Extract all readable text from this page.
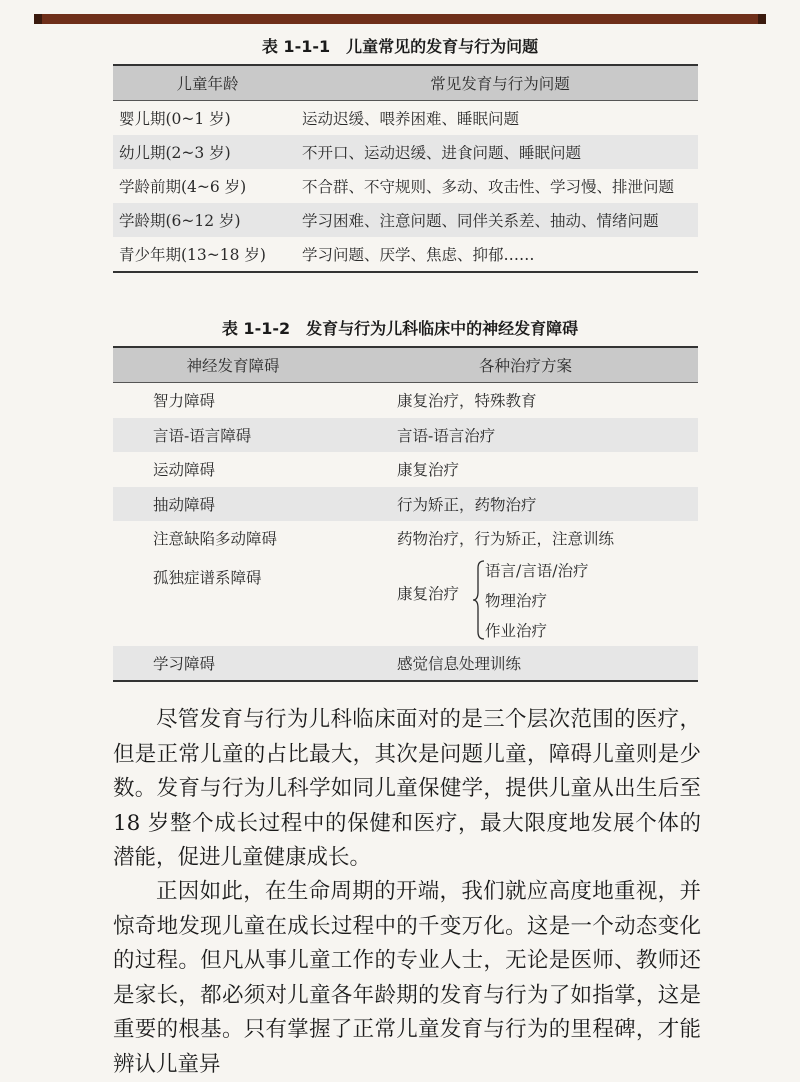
表 1-1-1　儿童常见的发育与行为问题
儿童年龄	常见发育与行为问题
婴儿期(0~1 岁)	运动迟缓、喂养困难、睡眠问题
幼儿期(2~3 岁)	不开口、运动迟缓、进食问题、睡眠问题
学龄前期(4~6 岁)	不合群、不守规则、多动、攻击性、学习慢、排泄问题
学龄期(6~12 岁)	学习困难、注意问题、同伴关系差、抽动、情绪问题
青少年期(13~18 岁)	学习问题、厌学、焦虑、抑郁……
表 1-1-2　发育与行为儿科临床中的神经发育障碍
神经发育障碍	各种治疗方案
智力障碍	康复治疗，特殊教育
言语-语言障碍	言语-语言治疗
运动障碍	康复治疗
抽动障碍	行为矫正，药物治疗
注意缺陷多动障碍	药物治疗，行为矫正，注意训练
孤独症谱系障碍	康复治疗
语言/言语/治疗
物理治疗
作业治疗

学习障碍	感觉信息处理训练

尽管发育与行为儿科临床面对的是三个层次范围的医疗，但是正常儿童的占比最大，其次是问题儿童，障碍儿童则是少数。发育与行为儿科学如同儿童保健学，提供儿童从出生后至 18 岁整个成长过程中的保健和医疗，最大限度地发展个体的潜能，促进儿童健康成长。

正因如此，在生命周期的开端，我们就应高度地重视，并惊奇地发现儿童在成长过程中的千变万化。这是一个动态变化的过程。但凡从事儿童工作的专业人士，无论是医师、教师还是家长，都必须对儿童各年龄期的发育与行为了如指掌，这是重要的根基。只有掌握了正常儿童发育与行为的里程碑，才能辨认儿童异
